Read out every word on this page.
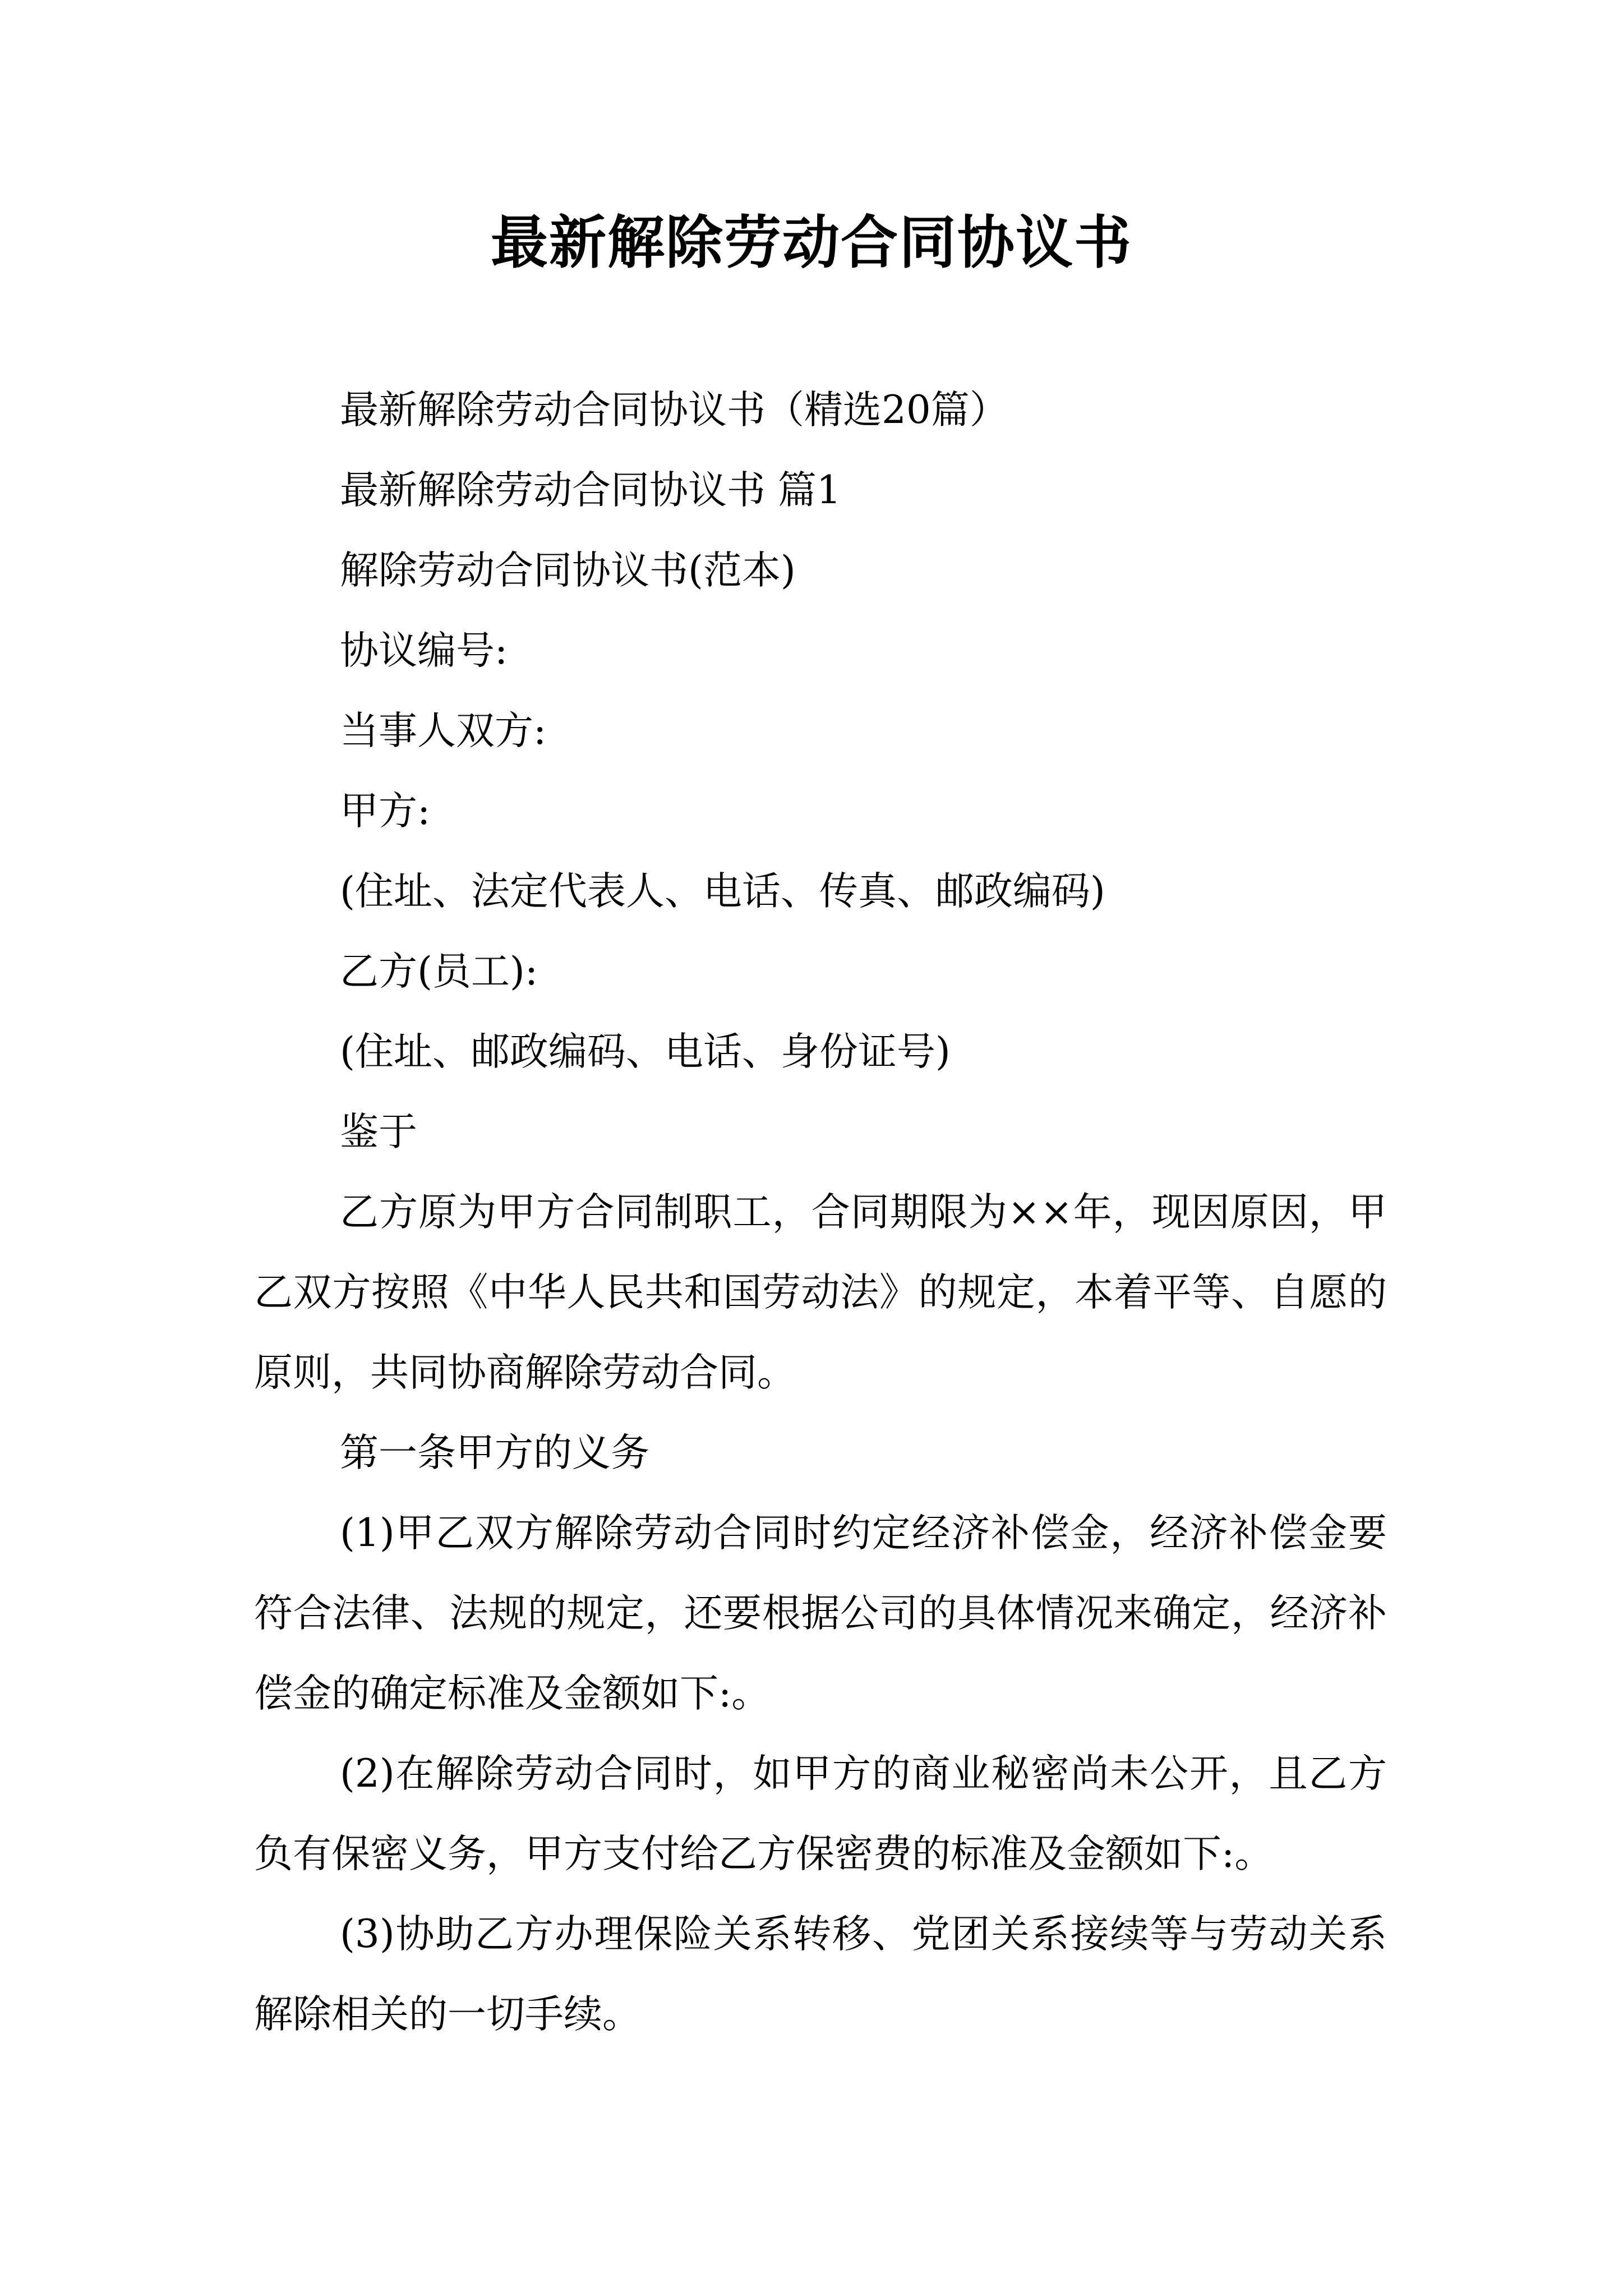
最新解除劳动合同协议书

最新解除劳动合同协议书（精选20篇）

最新解除劳动合同协议书 篇1

解除劳动合同协议书(范本)

协议编号:

当事人双方:

甲方:

(住址、法定代表人、电话、传真、邮政编码)

乙方(员工):

(住址、邮政编码、电话、身份证号)

鉴于

乙方原为甲方合同制职工，合同期限为××年，现因原因，甲乙双方按照《中华人民共和国劳动法》的规定，本着平等、自愿的原则，共同协商解除劳动合同。

第一条甲方的义务

(1)甲乙双方解除劳动合同时约定经济补偿金，经济补偿金要符合法律、法规的规定，还要根据公司的具体情况来确定，经济补偿金的确定标准及金额如下:。

(2)在解除劳动合同时，如甲方的商业秘密尚未公开，且乙方负有保密义务，甲方支付给乙方保密费的标准及金额如下:。

(3)协助乙方办理保险关系转移、党团关系接续等与劳动关系解除相关的一切手续。
